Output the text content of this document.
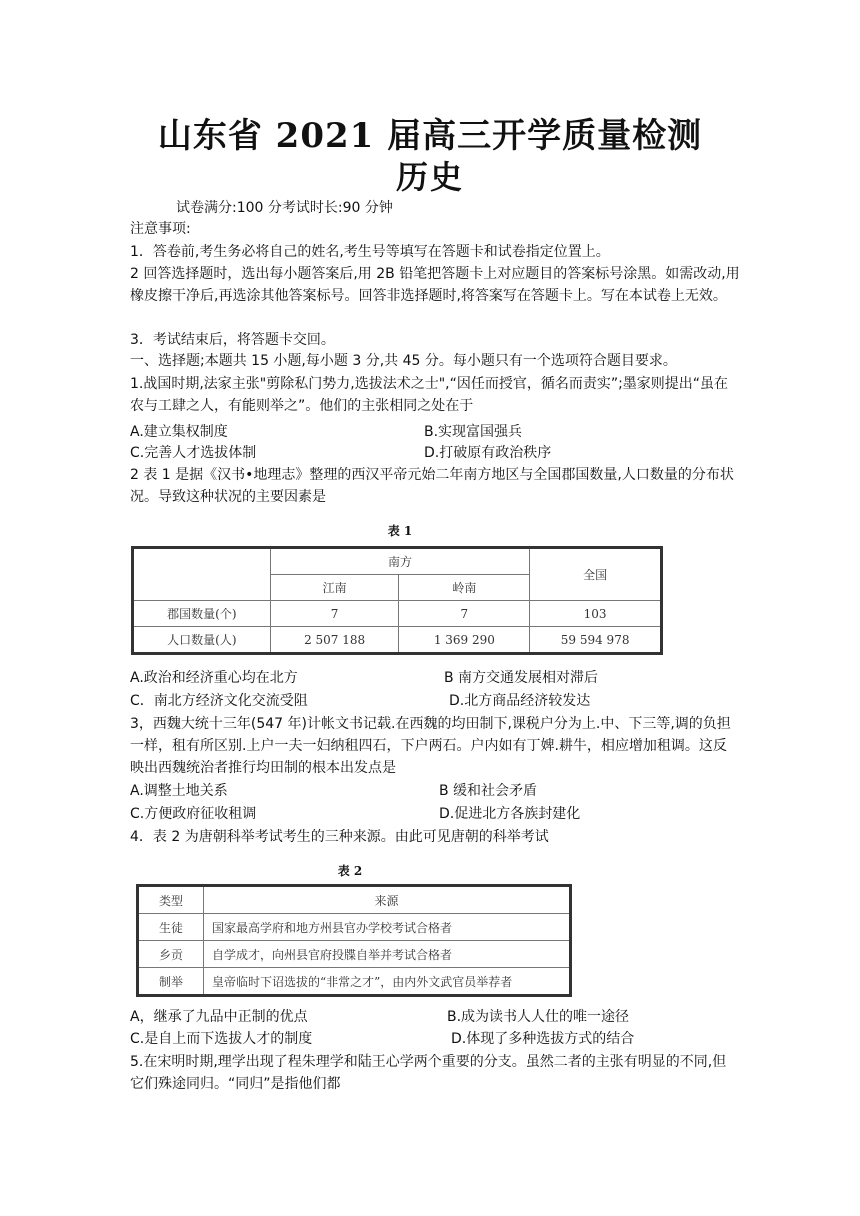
山东省 2021 届高三开学质量检测
历史
试卷满分:100 分考试时长:90 分钟
注意事项:
1．答卷前,考生务必将自己的姓名,考生号等填写在答题卡和试卷指定位置上。
2 回答选择题时，选出每小题答案后,用 2B 铅笔把答题卡上对应题目的答案标号涂黑。如需改动,用橡皮擦干净后,再选涂其他答案标号。回答非选择题时,将答案写在答题卡上。写在本试卷上无效。
3．考试结束后，将答题卡交回。
一、选择题;本题共 15 小题,每小题 3 分,共 45 分。每小题只有一个选项符合题目要求。
1.战国时期,法家主张"剪除私门势力,选拔法术之士",“因任而授官，循名而责实”;墨家则提出“虽在农与工肆之人，有能则举之”。他们的主张相同之处在于
A.建立集权制度	B.实现富国强兵
C.完善人才选拔体制	D.打破原有政治秩序
2 表 1 是据《汉书•地理志》整理的西汉平帝元始二年南方地区与全国郡国数量,人口数量的分布状况。导致这种状况的主要因素是
表 1
	南方		全国
	江南	岭南	
郡国数量(个)	7	7	103
人口数量(人)	2 507 188	1 369 290	59 594 978
A.政治和经济重心均在北方	B 南方交通发展相对滞后
C．南北方经济文化交流受阻	D.北方商品经济较发达
3，西魏大统十三年(547 年)计帐文书记载.在西魏的均田制下,课税户分为上.中、下三等,调的负担一样，租有所区别.上户一夫一妇纳租四石，下户两石。户内如有丁婢.耕牛，相应增加租调。这反映出西魏统治者推行均田制的根本出发点是
A.调整土地关系	B 缓和社会矛盾
C.方便政府征收租调	D.促进北方各族封建化
4．表 2 为唐朝科举考试考生的三种来源。由此可见唐朝的科举考试
表 2
类型	来源
生徒	国家最高学府和地方州县官办学校考试合格者
乡贡	自学成才，向州县官府投牒自举并考试合格者
制举	皇帝临时下诏选拔的“非常之才”，由内外文武官员举荐者
A，继承了九品中正制的优点	B.成为读书人人仕的唯一途径
C.是自上而下选拔人才的制度	D.体现了多种选拔方式的结合
5.在宋明时期,理学出现了程朱理学和陆王心学两个重要的分支。虽然二者的主张有明显的不同,但它们殊途同归。“同归”是指他们都
